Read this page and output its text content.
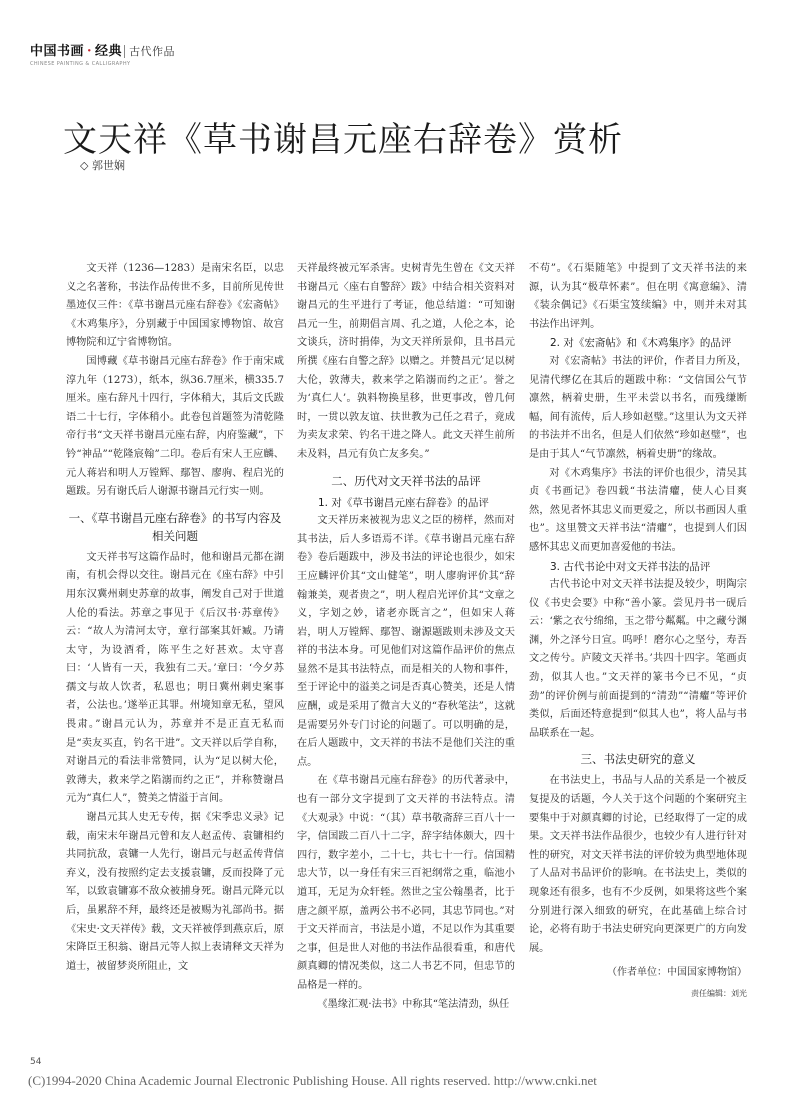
中国书画 · 经典 古代作品
CHINESE PAINTING & CALLIGRAPHY
文天祥《草书谢昌元座右辞卷》赏析
◇ 郭世娴

文天祥（1236—1283）是南宋名臣，以忠义之名著称，书法作品传世不多，目前所见传世墨迹仅三件：《草书谢昌元座右辞卷》《宏斋帖》《木鸡集序》，分别藏于中国国家博物馆、故宫博物院和辽宁省博物馆。

国博藏《草书谢昌元座右辞卷》作于南宋咸淳九年（1273），纸本，纵36.7厘米，横335.7厘米。座右辞凡十四行，字体稍大，其后文氏跋语二十七行，字体稍小。此卷包首题签为清乾隆帝行书“文天祥书谢昌元座右辞，内府鉴藏”，下钤“神品”“乾隆宸翰”二印。卷后有宋人王应麟、元人蒋岩和明人万镗辉、鄢智、廖驹、程启光的题跋。另有谢氏后人谢源书谢昌元行实一则。

一、《草书谢昌元座右辞卷》的书写内容及相关问题

文天祥书写这篇作品时，他和谢昌元都在湖南，有机会得以交往。谢昌元在《座右辞》中引用东汉冀州刺史苏章的故事，阐发自己对于世道人伦的看法。苏章之事见于《后汉书·苏章传》云：“故人为清河太守，章行部案其奸臧。乃请太守，为设酒肴，陈平生之好甚欢。太守喜曰：‘人皆有一天，我独有二天。’章曰：‘今夕苏孺文与故人饮者，私恩也；明日冀州刺史案事者，公法也。’遂举正其罪。州境知章无私，望风畏肃。”谢昌元认为，苏章并不是正直无私而是“卖友买直，钓名干进”。文天祥以后学自称，对谢昌元的看法非常赞同，认为“足以树大伦，敦薄夫，救来学之陷溺而约之正”，并称赞谢昌元为“真仁人”，赞美之情溢于言间。

谢昌元其人史无专传，据《宋季忠义录》记载，南宋末年谢昌元曾和友人赵孟传、袁镛相约共同抗敌，袁镛一人先行，谢昌元与赵孟传背信弃义，没有按照约定去支援袁镛，反而投降了元军，以致袁镛寡不敌众被捕身死。谢昌元降元以后，虽累辞不拜，最终还是被赐为礼部尚书。据《宋史·文天祥传》载，文天祥被俘到燕京后，原宋降臣王积翁、谢昌元等人拟上表请释文天祥为道士，被留梦炎所阻止，文

天祥最终被元军杀害。史树青先生曾在《文天祥书谢昌元〈座右自警辞〉跋》中结合相关资料对谢昌元的生平进行了考证，他总结道：“可知谢昌元一生，前期倡言周、孔之道，人伦之本，论文谈兵，济时捐俸，为文天祥所景仰，且书昌元所撰《座右自警之辞》以赠之。并赞昌元‘足以树大伦，敦薄夫，救来学之陷溺而约之正’。誉之为‘真仁人’。孰料物换星移，世更事改，曾几何时，一贯以敦友谊、扶世教为己任之君子，竟成为卖友求荣、钓名干进之降人。此文天祥生前所未及料，昌元有负亡友多矣。”

二、历代对文天祥书法的品评
1. 对《草书谢昌元座右辞卷》的品评

文天祥历来被视为忠义之臣的榜样，然而对其书法，后人多语焉不详。《草书谢昌元座右辞卷》卷后题跋中，涉及书法的评论也很少，如宋王应麟评价其“文山健笔”，明人廖驹评价其“辞翰兼美，观者贵之”，明人程启光评价其“文章之义，字划之妙，诸老亦既言之”，但如宋人蒋岩，明人万镗辉、鄢智、谢源题跋则未涉及文天祥的书法本身。可见他们对这篇作品评价的焦点显然不是其书法特点，而是相关的人物和事件，至于评论中的溢美之词是否真心赞美，还是人情应酬，或是采用了微言大义的“春秋笔法”，这就是需要另外专门讨论的问题了。可以明确的是，在后人题跋中，文天祥的书法不是他们关注的重点。

在《草书谢昌元座右辞卷》的历代著录中，也有一部分文字提到了文天祥的书法特点。清《大观录》中说：“（其）草书敬斋辞三百八十一字，信国跋二百八十二字，辞字结体颇大，四十四行，数字差小，二十七，共七十一行。信国精忠大节，以一身任有宋三百祀纲常之重，临池小道耳，无足为众轩轾。然世之宝公翰墨者，比于唐之颜平原，盖两公书不必同，其忠节同也。”对于文天祥而言，书法是小道，不足以作为其重要之事，但是世人对他的书法作品很看重，和唐代颜真卿的情况类似，这二人书艺不同，但忠节的品格是一样的。

《墨缘汇观·法书》中称其“笔法清劲，纵任

不苟”。《石渠随笔》中提到了文天祥书法的来源，认为其“极草怀素”。但在明《寓意编》、清《装余偶记》《石渠宝笈续编》中，则并未对其书法作出评判。

2. 对《宏斋帖》和《木鸡集序》的品评

对《宏斋帖》书法的评价，作者目力所及，见清代缪亿在其后的题跋中称：“文信国公气节凛然，柄着史册，生平未尝以书名，而残缣断幅，间有流传，后人珍如赵璧。”这里认为文天祥的书法并不出名，但是人们依然“珍如赵璧”，也是由于其人“气节凛然，柄着史册”的缘故。

对《木鸡集序》书法的评价也很少，清吴其贞《书画记》卷四载“书法清癯，使人心目爽然，然见者怀其忠义而更爱之，所以书画因人重也”。这里赞文天祥书法“清癯”，也提到人们因感怀其忠义而更加喜爱他的书法。

3. 古代书论中对文天祥书法的品评

古代书论中对文天祥书法提及较少，明陶宗仪《书史会要》中称“善小篆。尝见丹书一砚后云：‘紫之衣兮绵绵，玉之带兮粼粼。中之藏兮渊渊，外之泽兮日宣。呜呼！磨尔心之坚兮，寿吾文之传兮。庐陵文天祥书。’共四十四字。笔画贞劲，似其人也。”文天祥的篆书今已不见，“贞劲”的评价例与前面提到的“清劲”“清癯”等评价类似，后面还特意提到“似其人也”，将人品与书品联系在一起。

三、书法史研究的意义

在书法史上，书品与人品的关系是一个被反复提及的话题，今人关于这个问题的个案研究主要集中于对颜真卿的讨论，已经取得了一定的成果。文天祥书法作品很少，也较少有人进行针对性的研究，对文天祥书法的评价较为典型地体现了人品对书品评价的影响。在书法史上，类似的现象还有很多，也有不少反例，如果将这些个案分别进行深入细致的研究，在此基础上综合讨论，必将有助于书法史研究向更深更广的方向发展。

（作者单位：中国国家博物馆）
责任编辑：刘光
54
(C)1994-2020 China Academic Journal Electronic Publishing House. All rights reserved. http://www.cnki.net
